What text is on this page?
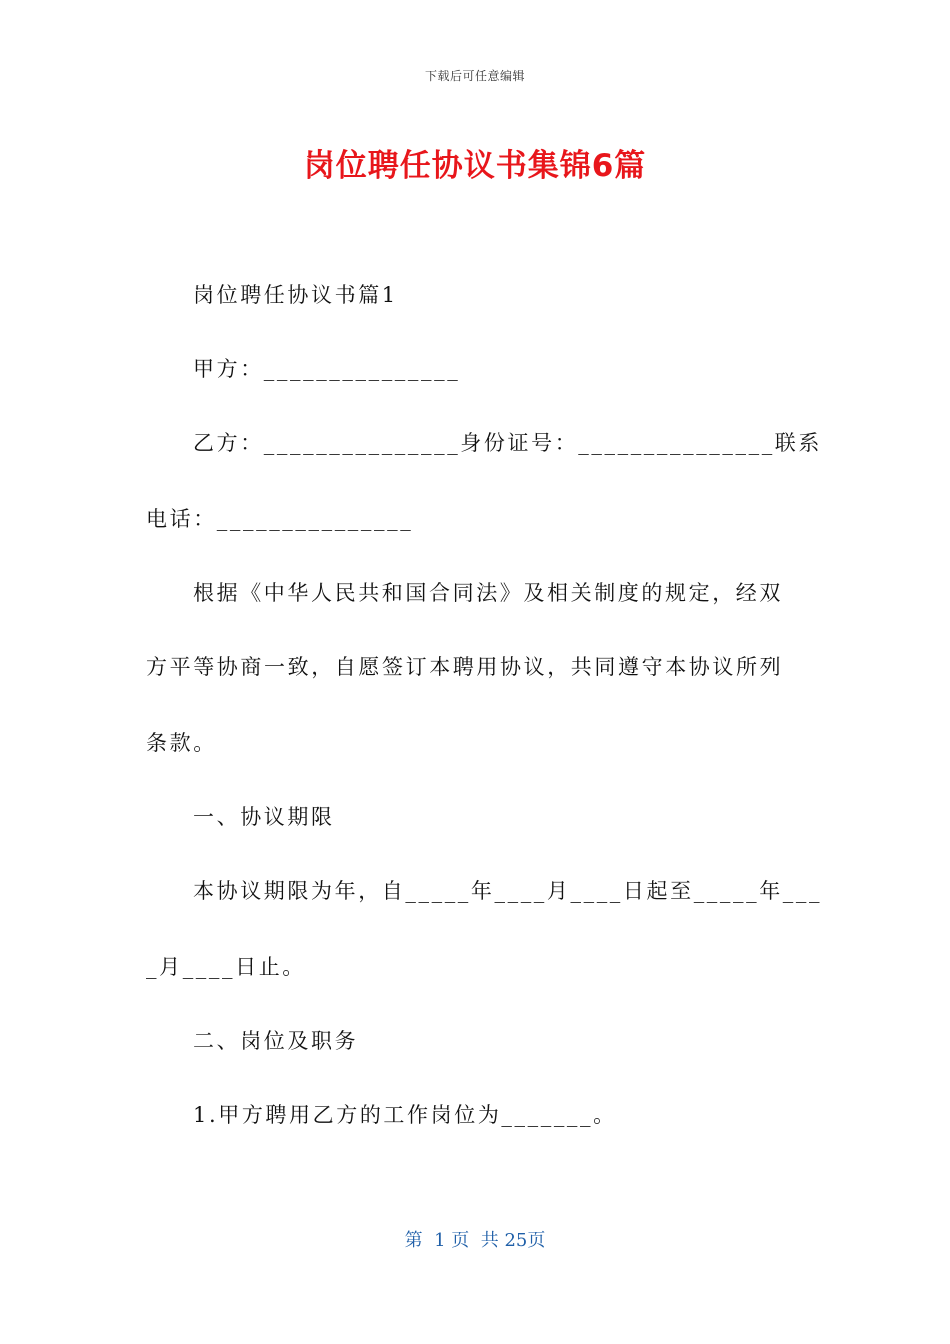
下载后可任意编辑
岗位聘任协议书集锦6篇
岗位聘任协议书篇1
甲方：_______________
乙方：_______________身份证号：_______________联系
电话：_______________
根据《中华人民共和国合同法》及相关制度的规定，经双
方平等协商一致，自愿签订本聘用协议，共同遵守本协议所列
条款。
一、协议期限
本协议期限为年，自_____年____月____日起至_____年___
_月____日止。
二、岗位及职务
1.甲方聘用乙方的工作岗位为_______。
第  1 页  共 25页
